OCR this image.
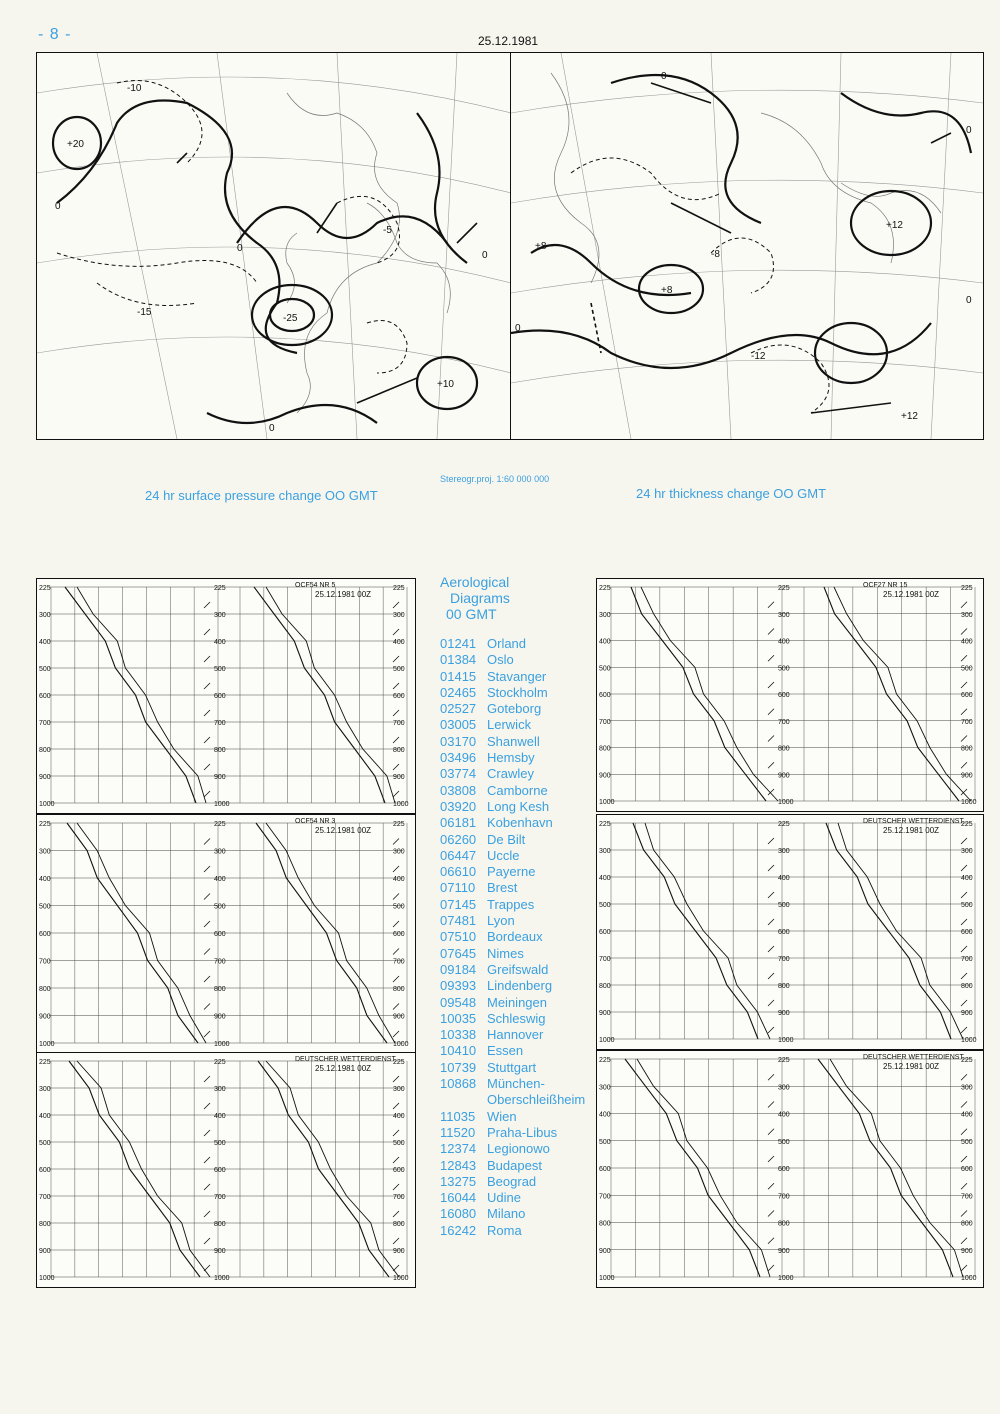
- 8 -	25.12.1981
0
0
0
0
-25
+20
+10
-10
-15
-5
0
0
0
0
+12
+8
+8
-8
-12
+12
Stereogr.proj. 1:60 000 000
24 hr surface pressure change OO GMT	24 hr thickness change OO GMT
225	225	225
300	300	300
400	400	400
500	500	500
600	600	600
700	700	700
800	800	800
900	900	900
1000	1000	1000
OCF54 NR 5
25.12.1981 00Z
225	225	225
300	300	300
400	400	400
500	500	500
600	600	600
700	700	700
800	800	800
900	900	900
1000	1000	1000
OCF27 NR 15
25.12.1981 00Z
225	225	225
300	300	300
400	400	400
500	500	500
600	600	600
700	700	700
800	800	800
900	900	900
1000	1000	1000
OCF54 NR 3
25.12.1981 00Z
225	225	225
300	300	300
400	400	400
500	500	500
600	600	600
700	700	700
800	800	800
900	900	900
1000	1000	1000
DEUTSCHER WETTERDIENST
25.12.1981 00Z
225	225	225
300	300	300
400	400	400
500	500	500
600	600	600
700	700	700
800	800	800
900	900	900
1000	1000	1000
DEUTSCHER WETTERDIENST
25.12.1981 00Z
225	225	225
300	300	300
400	400	400
500	500	500
600	600	600
700	700	700
800	800	800
900	900	900
1000	1000	1000
DEUTSCHER WETTERDIENST
25.12.1981 00Z
Aerological
Diagrams
00 GMT
01241 Orland
01384 Oslo
01415 Stavanger
02465 Stockholm
02527 Goteborg
03005 Lerwick
03170 Shanwell
03496 Hemsby
03774 Crawley
03808 Camborne
03920 Long Kesh
06181 Kobenhavn
06260 De Bilt
06447 Uccle
06610 Payerne
07110 Brest
07145 Trappes
07481 Lyon
07510 Bordeaux
07645 Nimes
09184 Greifswald
09393 Lindenberg
09548 Meiningen
10035 Schleswig
10338 Hannover
10410 Essen
10739 Stuttgart
10868 München-
Oberschleißheim
11035 Wien
11520 Praha-Libus
12374 Legionowo
12843 Budapest
13275 Beograd
16044 Udine
16080 Milano
16242 Roma
